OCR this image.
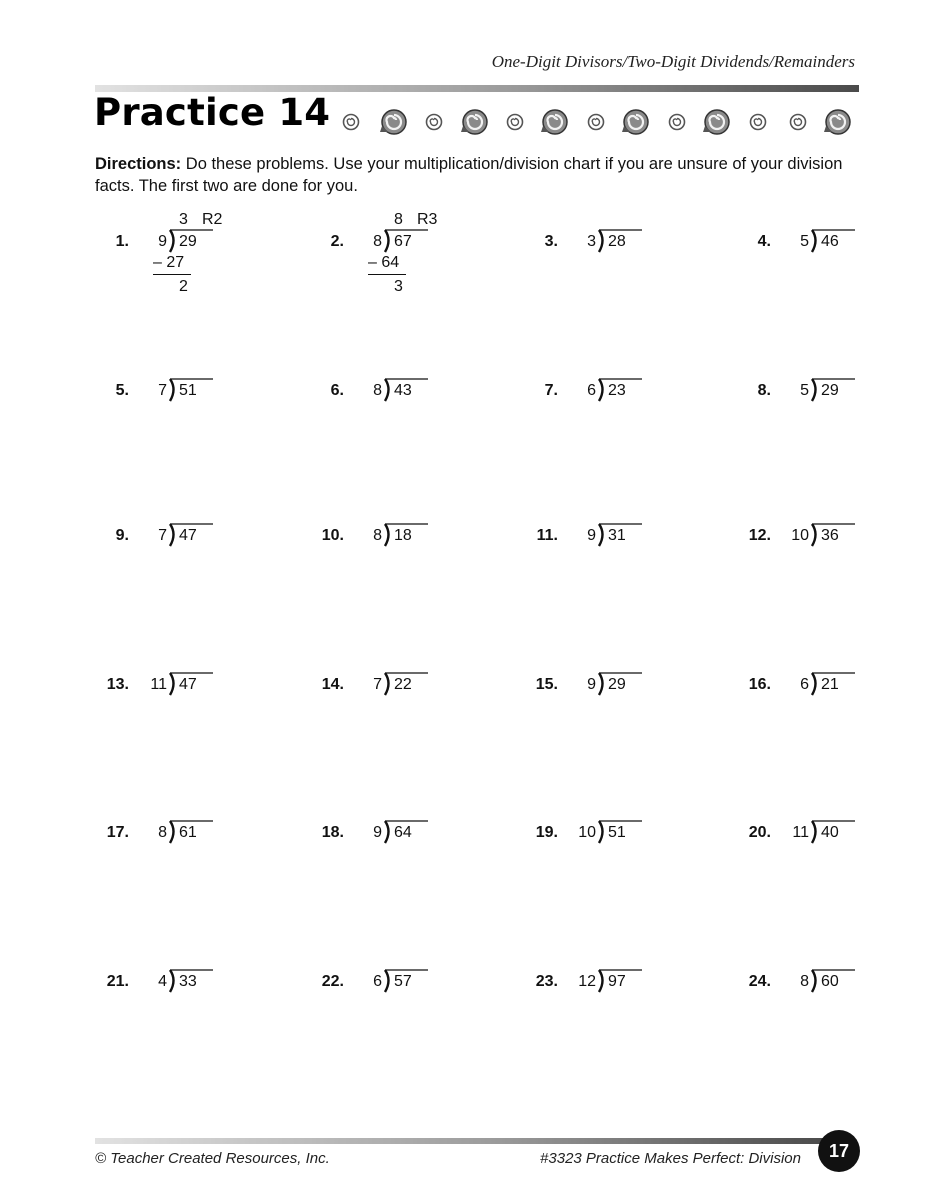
One-Digit Divisors/Two-Digit Dividends/Remainders
Practice 14
Directions: Do these problems. Use your multiplication/division chart if you are unsure of your division facts. The first two are done for you.
1.	9 29
3 R2
– 27
2
2.	8 67
8 R3
– 64
3
3.	3 28	4.	5 46
5.	7 51	6.	8 43	7.	6 23	8.	5 29
9.	7 47	10.	8 18	11.	9 31	12.	10 36
13.	11 47	14.	7 22	15.	9 29	16.	6 21
17.	8 61	18.	9 64	19.	10 51	20.	11 40
21.	4 33	22.	6 57	23.	12 97	24.	8 60
© Teacher Created Resources, Inc.	#3323 Practice Makes Perfect: Division	17
